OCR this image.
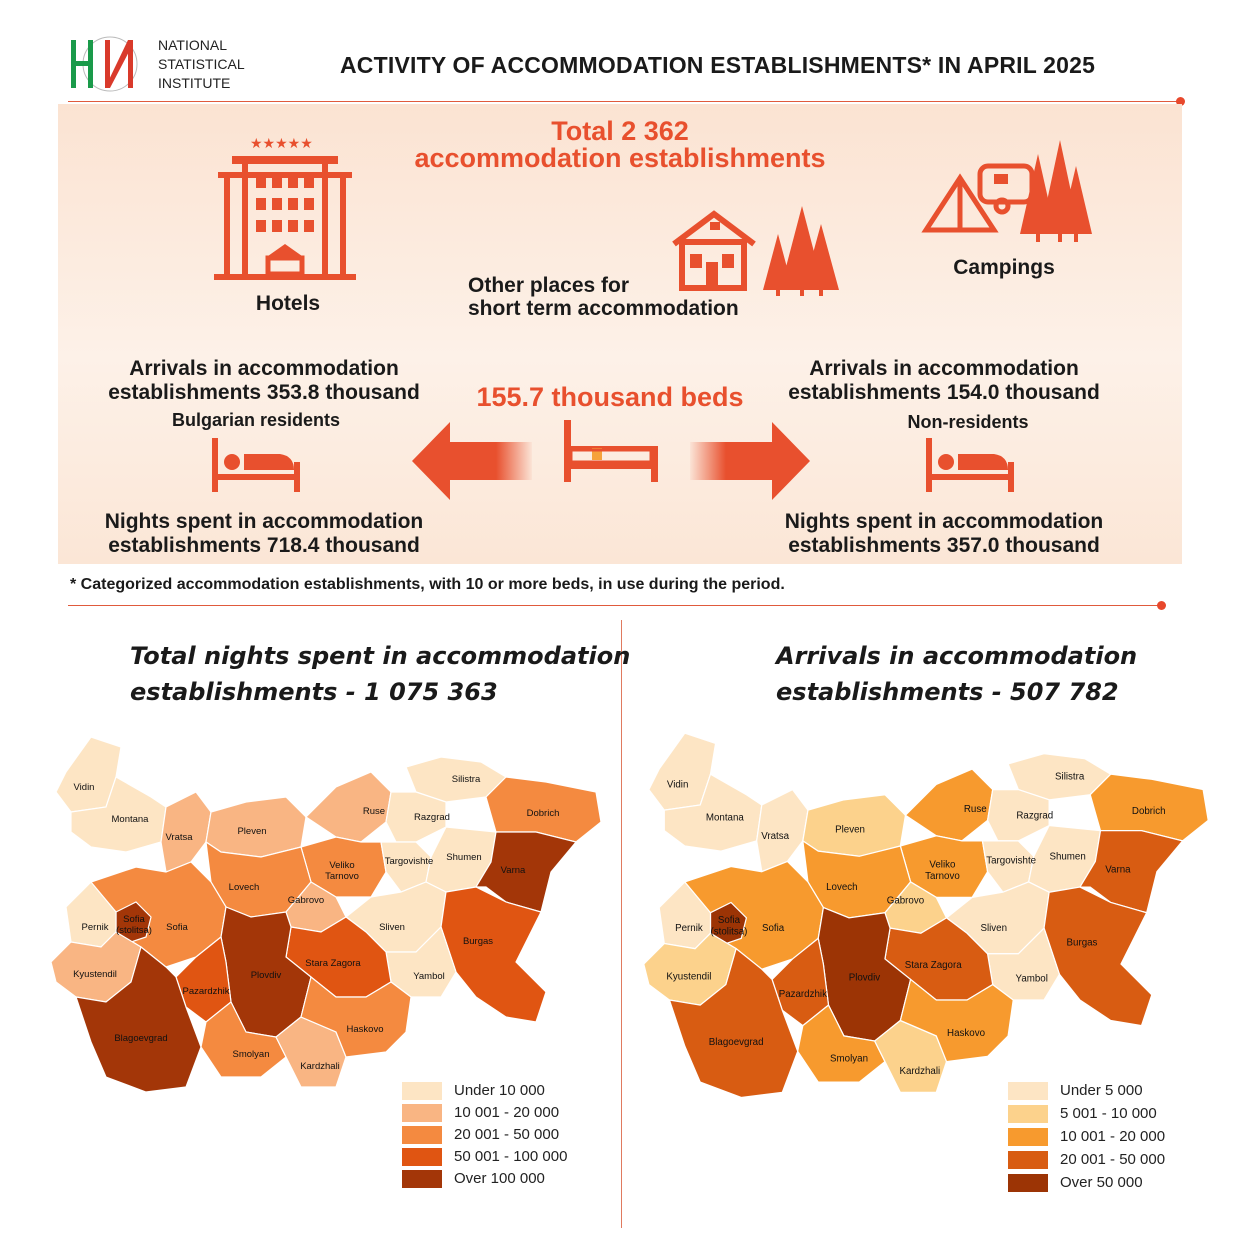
NATIONAL
STATISTICAL
INSTITUTE
ACTIVITY OF ACCOMMODATION ESTABLISHMENTS* IN APRIL 2025
Total 2 362
accommodation establishments
★★★★★
Hotels
Other places for
short term accommodation
Campings
Arrivals in accommodation
establishments 353.8 thousand
Bulgarian residents
Nights spent in accommodation
establishments 718.4 thousand
155.7 thousand beds
Arrivals in accommodation
establishments 154.0 thousand
Non-residents
Nights spent in accommodation
establishments 357.0 thousand
* Categorized accommodation establishments, with 10 or more beds, in use during the period.
Total nights spent in accommodation
establishments - 1 075 363
Arrivals in accommodation
establishments - 507 782
Vidin
Montana
Vratsa
Pleven
Ruse
Silistra
Razgrad	Dobrich
Veliko Tarnovo
Targovishte Shumen
Varna
Lovech
Gabrovo
Sofia
Sofia (stolitsa)
Pernik
Kyustendil
Sliven
Burgas
Yambol
Stara Zagora
Plovdiv
Pazardzhik
Blagoevgrad
Smolyan
Kardzhali
Haskovo
Vidin
Montana
Vratsa
Pleven
Ruse
Silistra
Razgrad	Dobrich
Veliko Tarnovo
Targovishte Shumen
Varna
Lovech
Gabrovo
Sofia
Sofia (stolitsa)
Pernik
Kyustendil
Sliven
Burgas
Yambol
Stara Zagora
Plovdiv
Pazardzhik
Blagoevgrad
Smolyan
Kardzhali
Haskovo
Under 10 000
10 001 - 20 000
20 001 - 50 000
50 001 - 100 000
Over 100 000
Under 5 000
5 001 - 10 000
10 001 - 20 000
20 001 - 50 000
Over 50 000
